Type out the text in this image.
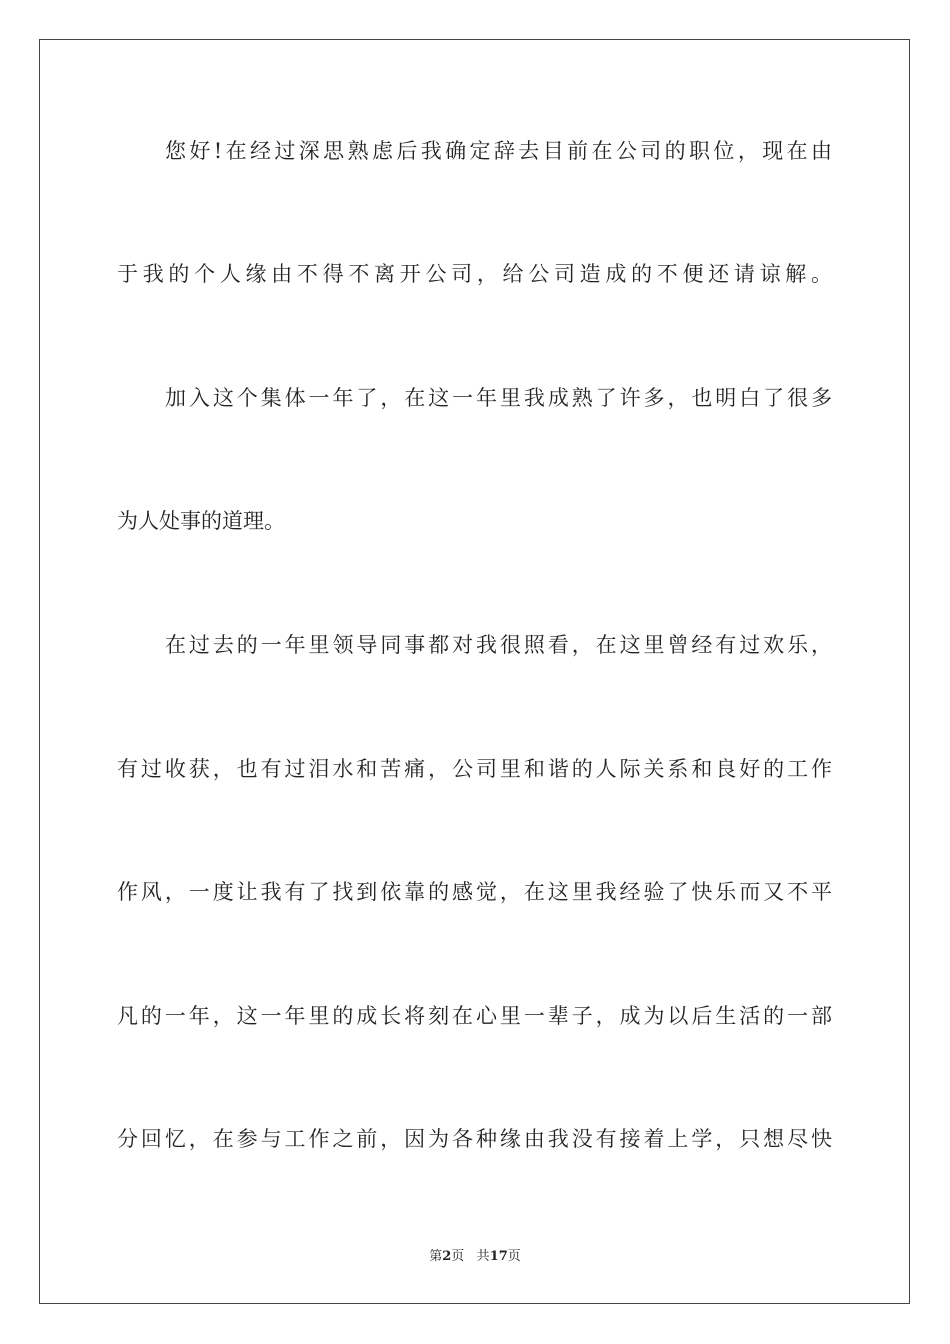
您好!在经过深思熟虑后我确定辞去目前在公司的职位，现在由
于我的个人缘由不得不离开公司，给公司造成的不便还请谅解。
加入这个集体一年了，在这一年里我成熟了许多，也明白了很多
为人处事的道理。
在过去的一年里领导同事都对我很照看，在这里曾经有过欢乐，
有过收获，也有过泪水和苦痛，公司里和谐的人际关系和良好的工作
作风，一度让我有了找到依靠的感觉，在这里我经验了快乐而又不平
凡的一年，这一年里的成长将刻在心里一辈子，成为以后生活的一部
分回忆，在参与工作之前，因为各种缘由我没有接着上学，只想尽快
第2页 共17页
